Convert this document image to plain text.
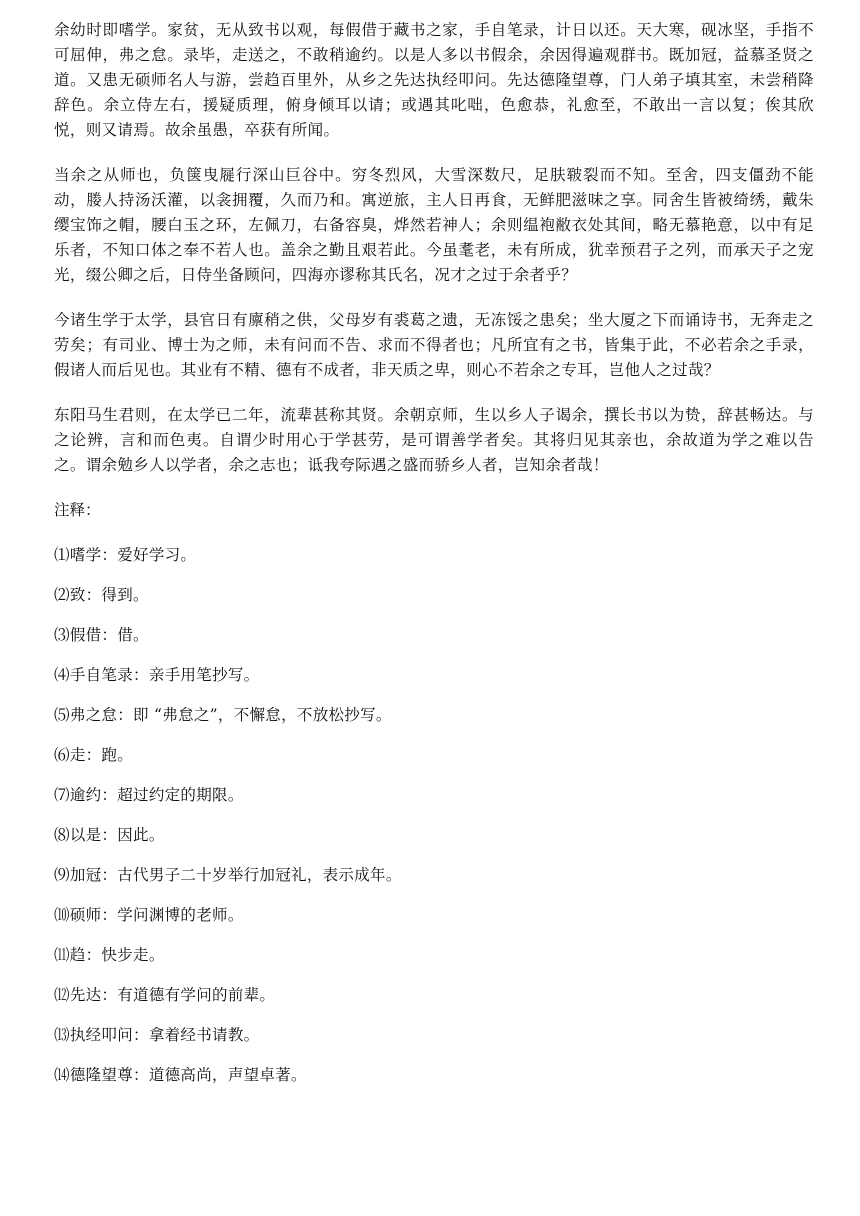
余幼时即嗜学。家贫，无从致书以观，每假借于藏书之家，手自笔录，计日以还。天大寒，砚冰坚，手指不可屈伸，弗之怠。录毕，走送之，不敢稍逾约。以是人多以书假余，余因得遍观群书。既加冠，益慕圣贤之道。又患无硕师名人与游，尝趋百里外，从乡之先达执经叩问。先达德隆望尊，门人弟子填其室，未尝稍降辞色。余立侍左右，援疑质理，俯身倾耳以请；或遇其叱咄，色愈恭，礼愈至，不敢出一言以复；俟其欣悦，则又请焉。故余虽愚，卒获有所闻。

当余之从师也，负箧曳屣行深山巨谷中。穷冬烈风，大雪深数尺，足肤皲裂而不知。至舍，四支僵劲不能动，媵人持汤沃灌，以衾拥覆，久而乃和。寓逆旅，主人日再食，无鲜肥滋味之享。同舍生皆被绮绣，戴朱缨宝饰之帽，腰白玉之环，左佩刀，右备容臭，烨然若神人；余则缊袍敝衣处其间，略无慕艳意，以中有足乐者，不知口体之奉不若人也。盖余之勤且艰若此。今虽耄老，未有所成，犹幸预君子之列，而承天子之宠光，缀公卿之后，日侍坐备顾问，四海亦谬称其氏名，况才之过于余者乎？

今诸生学于太学，县官日有廪稍之供，父母岁有裘葛之遗，无冻馁之患矣；坐大厦之下而诵诗书，无奔走之劳矣；有司业、博士为之师，未有问而不告、求而不得者也；凡所宜有之书，皆集于此，不必若余之手录，假诸人而后见也。其业有不精、德有不成者，非天质之卑，则心不若余之专耳，岂他人之过哉？

东阳马生君则，在太学已二年，流辈甚称其贤。余朝京师，生以乡人子谒余，撰长书以为贽，辞甚畅达。与之论辨，言和而色夷。自谓少时用心于学甚劳，是可谓善学者矣。其将归见其亲也，余故道为学之难以告之。谓余勉乡人以学者，余之志也；诋我夸际遇之盛而骄乡人者，岂知余者哉！

注释：

⑴嗜学：爱好学习。

⑵致：得到。

⑶假借：借。

⑷手自笔录：亲手用笔抄写。

⑸弗之怠：即 “弗怠之”，不懈怠，不放松抄写。

⑹走：跑。

⑺逾约：超过约定的期限。

⑻以是：因此。

⑼加冠：古代男子二十岁举行加冠礼，表示成年。

⑽硕师：学问渊博的老师。

⑾趋：快步走。

⑿先达：有道德有学问的前辈。

⒀执经叩问：拿着经书请教。

⒁德隆望尊：道德高尚，声望卓著。
